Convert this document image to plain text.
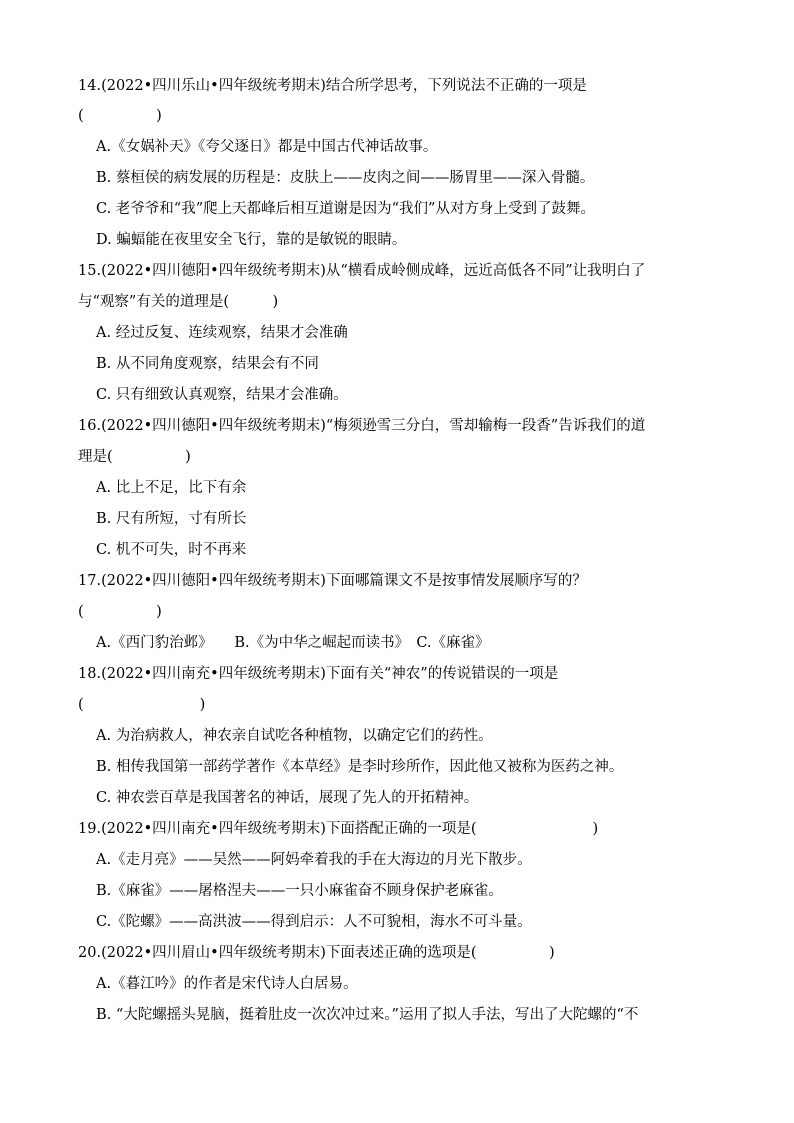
14.(2022•四川乐山•四年级统考期末)结合所学思考，下列说法不正确的一项是
(　　　　　)
A.《女娲补天》《夸父逐日》都是中国古代神话故事。
B. 蔡桓侯的病发展的历程是：皮肤上——皮肉之间——肠胃里——深入骨髓。
C. 老爷爷和“我”爬上天都峰后相互道谢是因为“我们”从对方身上受到了鼓舞。
D. 蝙蝠能在夜里安全飞行，靠的是敏锐的眼睛。
15.(2022•四川德阳•四年级统考期末)从“横看成岭侧成峰，远近高低各不同”让我明白了
与“观察”有关的道理是(　　　)
A. 经过反复、连续观察，结果才会准确
B. 从不同角度观察，结果会有不同
C. 只有细致认真观察，结果才会准确。
16.(2022•四川德阳•四年级统考期末)“梅须逊雪三分白，雪却输梅一段香”告诉我们的道
理是(　　　　　)
A. 比上不足，比下有余
B. 尺有所短，寸有所长
C. 机不可失，时不再来
17.(2022•四川德阳•四年级统考期末)下面哪篇课文不是按事情发展顺序写的？
(　　　　　)
A.《西门豹治邺》　　B.《为中华之崛起而读书》　C.《麻雀》
18.(2022•四川南充•四年级统考期末)下面有关“神农”的传说错误的一项是
(　　　　　　　　)
A. 为治病救人，神农亲自试吃各种植物，以确定它们的药性。
B. 相传我国第一部药学著作《本草经》是李时珍所作，因此他又被称为医药之神。
C. 神农尝百草是我国著名的神话，展现了先人的开拓精神。
19.(2022•四川南充•四年级统考期末)下面搭配正确的一项是(　　　　　　　　)
A.《走月亮》——吴然——阿妈牵着我的手在大海边的月光下散步。
B.《麻雀》——屠格涅夫——一只小麻雀奋不顾身保护老麻雀。
C.《陀螺》——高洪波——得到启示：人不可貌相，海水不可斗量。
20.(2022•四川眉山•四年级统考期末)下面表述正确的选项是(　　　　　)
A.《暮江吟》的作者是宋代诗人白居易。
B. “大陀螺摇头晃脑，挺着肚皮一次次冲过来。”运用了拟人手法，写出了大陀螺的“不
